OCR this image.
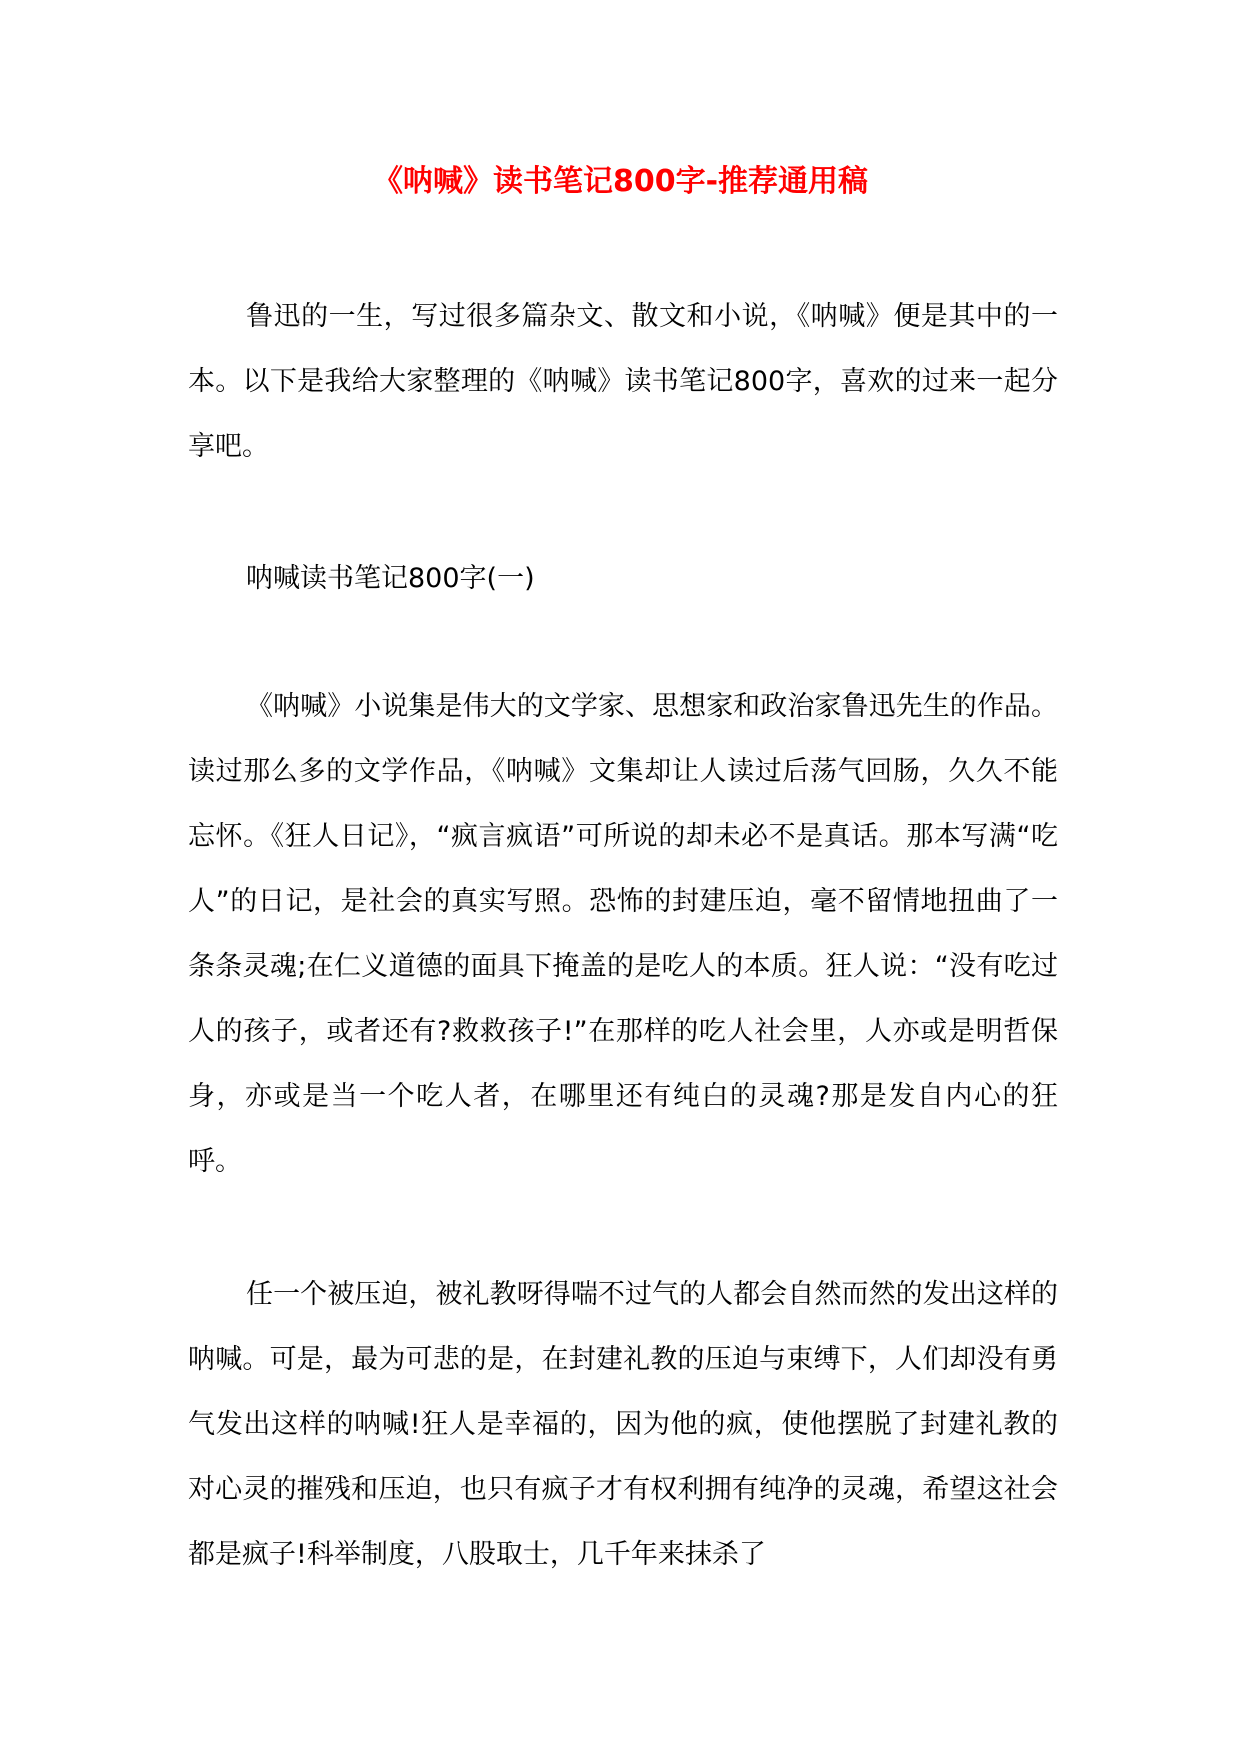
《呐喊》读书笔记800字-推荐通用稿

鲁迅的一生，写过很多篇杂文、散文和小说，《呐喊》便是其中的一本。以下是我给大家整理的《呐喊》读书笔记800字，喜欢的过来一起分享吧。

呐喊读书笔记800字(一)

《呐喊》小说集是伟大的文学家、思想家和政治家鲁迅先生的作品。读过那么多的文学作品，《呐喊》文集却让人读过后荡气回肠，久久不能忘怀。《狂人日记》，“疯言疯语”可所说的却未必不是真话。那本写满“吃人”的日记，是社会的真实写照。恐怖的封建压迫，毫不留情地扭曲了一条条灵魂;在仁义道德的面具下掩盖的是吃人的本质。狂人说：“没有吃过人的孩子，或者还有?救救孩子!”在那样的吃人社会里，人亦或是明哲保身，亦或是当一个吃人者，在哪里还有纯白的灵魂?那是发自内心的狂呼。

任一个被压迫，被礼教呀得喘不过气的人都会自然而然的发出这样的呐喊。可是，最为可悲的是，在封建礼教的压迫与束缚下，人们却没有勇气发出这样的呐喊!狂人是幸福的，因为他的疯，使他摆脱了封建礼教的对心灵的摧残和压迫，也只有疯子才有权利拥有纯净的灵魂，希望这社会都是疯子!科举制度，八股取士，几千年来抹杀了
